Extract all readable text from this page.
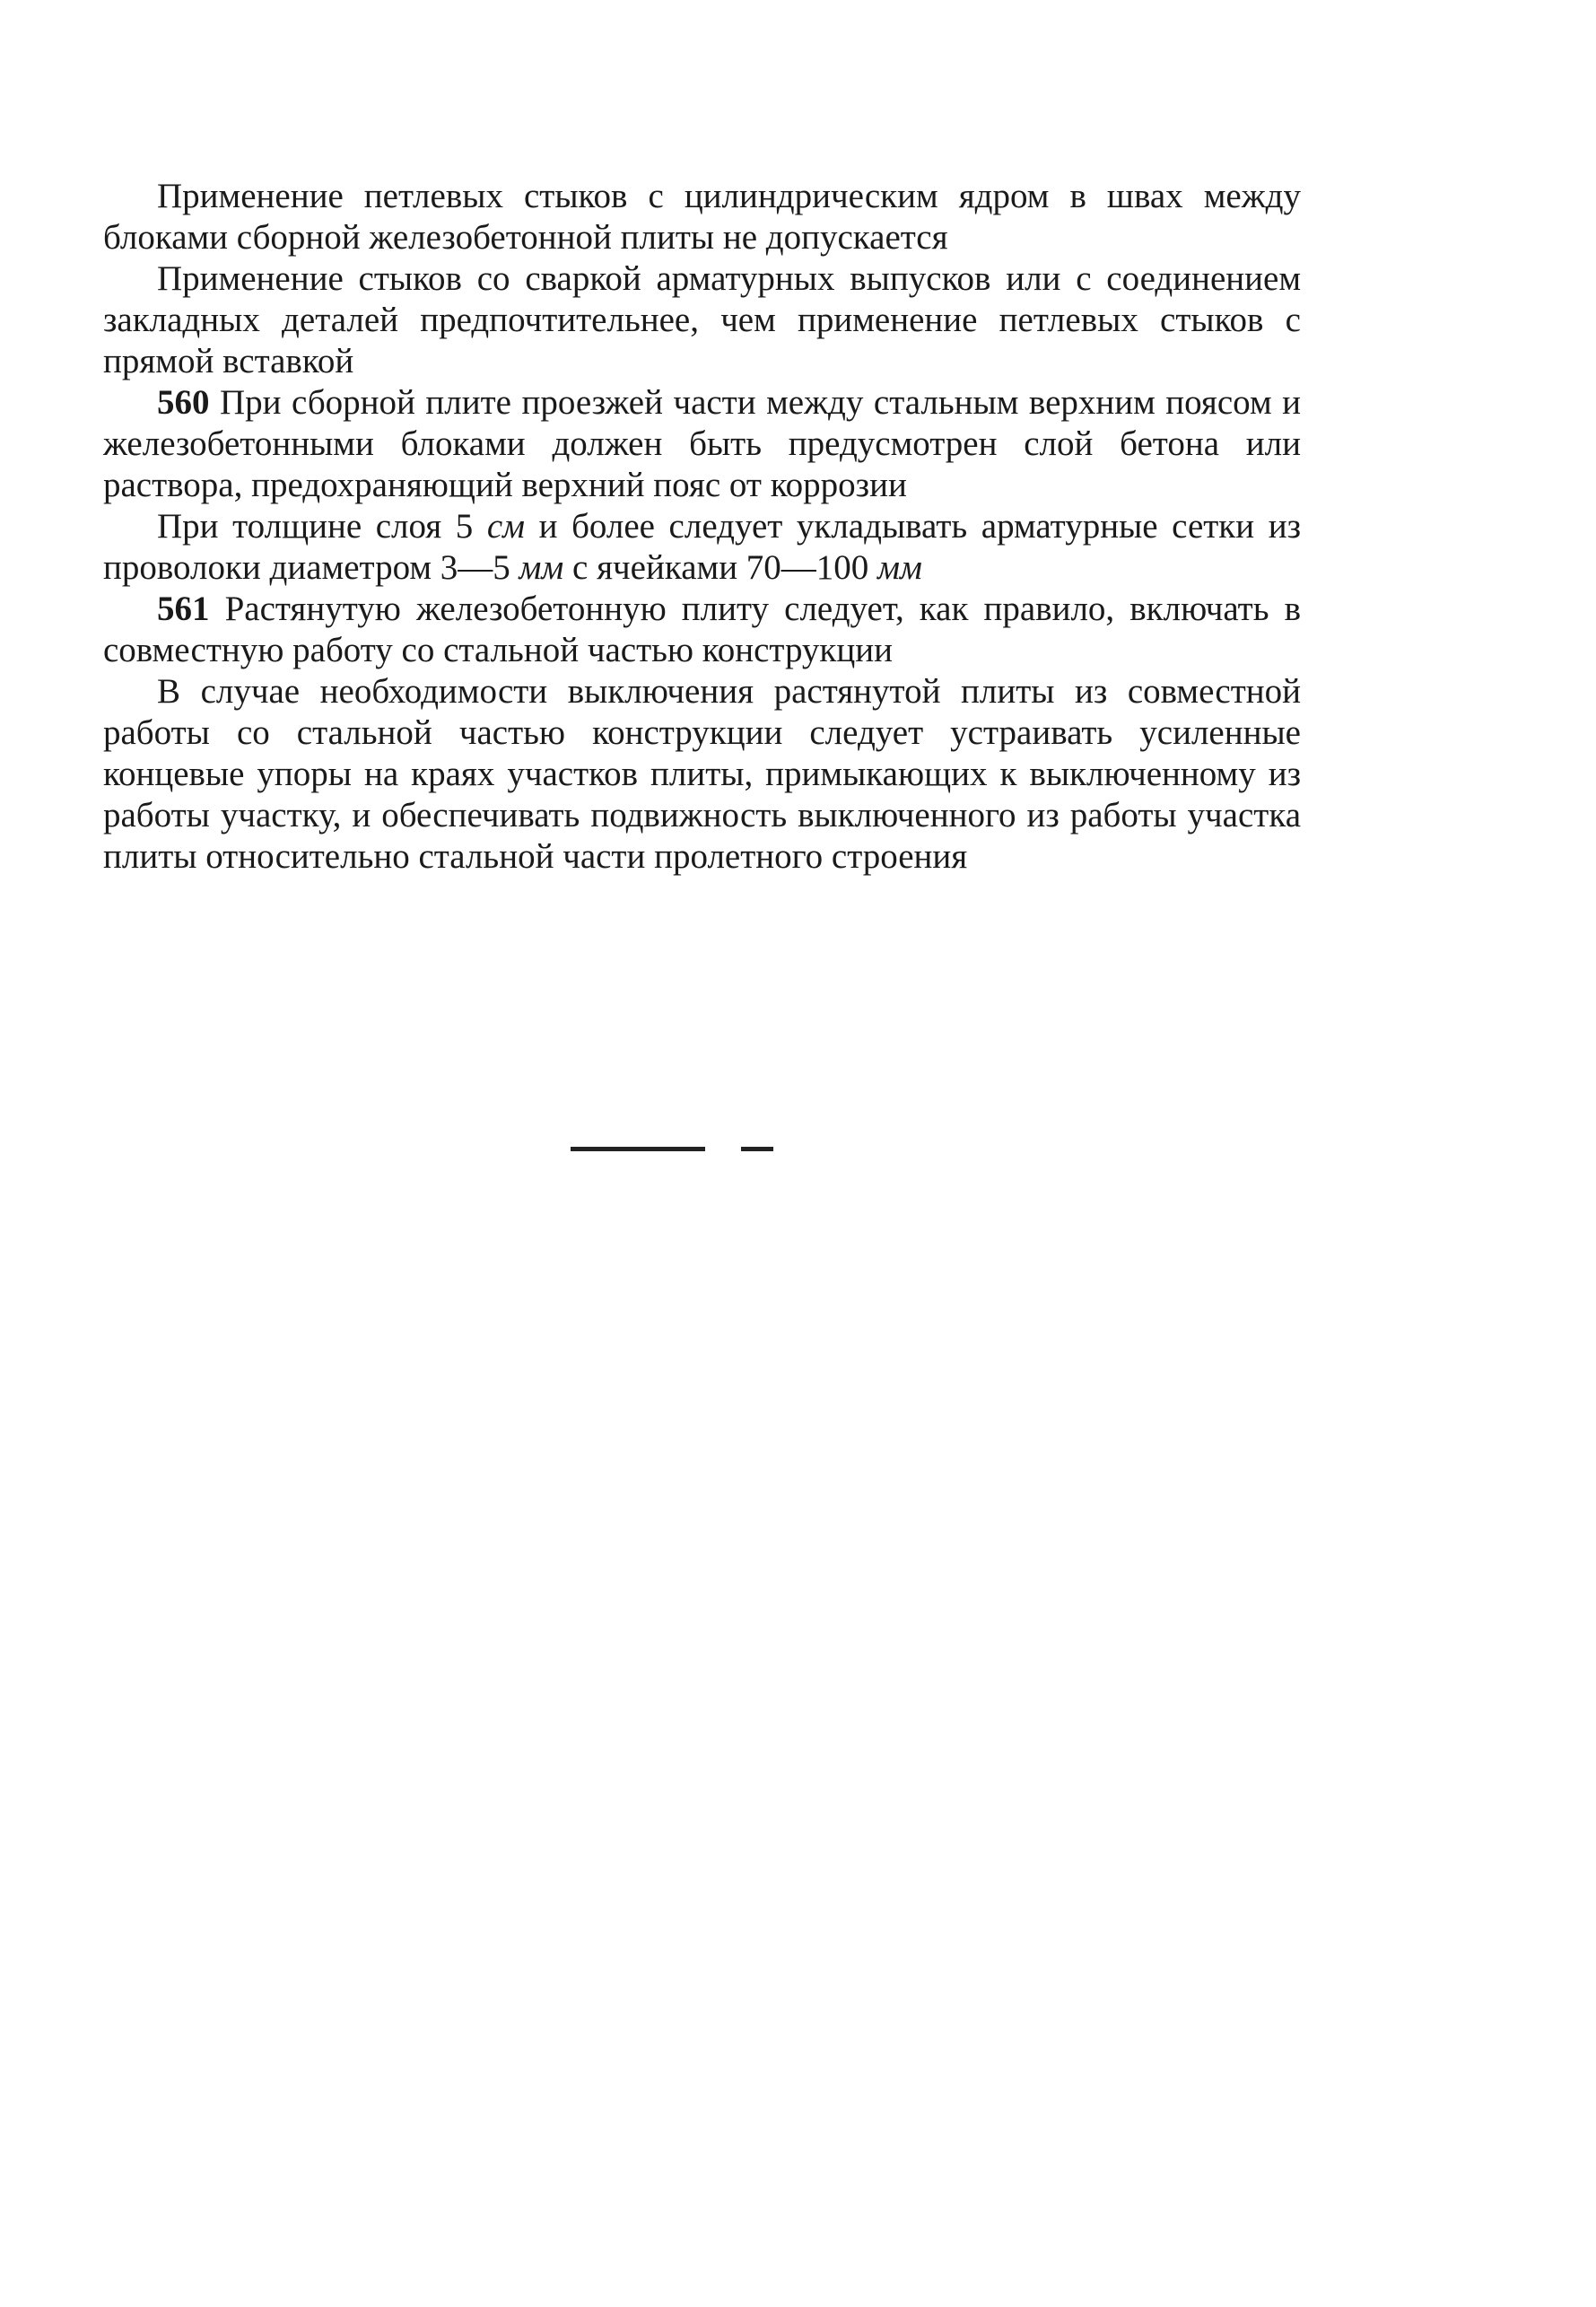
Применение петлевых стыков с цилиндрическим ядром в швах между блоками сборной железобетонной плиты не допускается

Применение стыков со сваркой арматурных выпусков или с соединением закладных деталей предпочтительнее, чем применение петлевых стыков с прямой вставкой

560 При сборной плите проезжей части между стальным верхним поясом и железобетонными блоками должен быть предусмотрен слой бетона или раствора, предохраняющий верхний пояс от коррозии

При толщине слоя 5 см и более следует укладывать арматурные сетки из проволоки диаметром 3—5 мм с ячейками 70—100 мм

561 Растянутую железобетонную плиту следует, как правило, включать в совместную работу со стальной частью конструкции

В случае необходимости выключения растянутой плиты из совместной работы со стальной частью конструкции следует устраивать усиленные концевые упоры на краях участков плиты, примыкающих к выключенному из работы участку, и обеспечивать подвижность выключенного из работы участка плиты относительно стальной части пролетного строения
